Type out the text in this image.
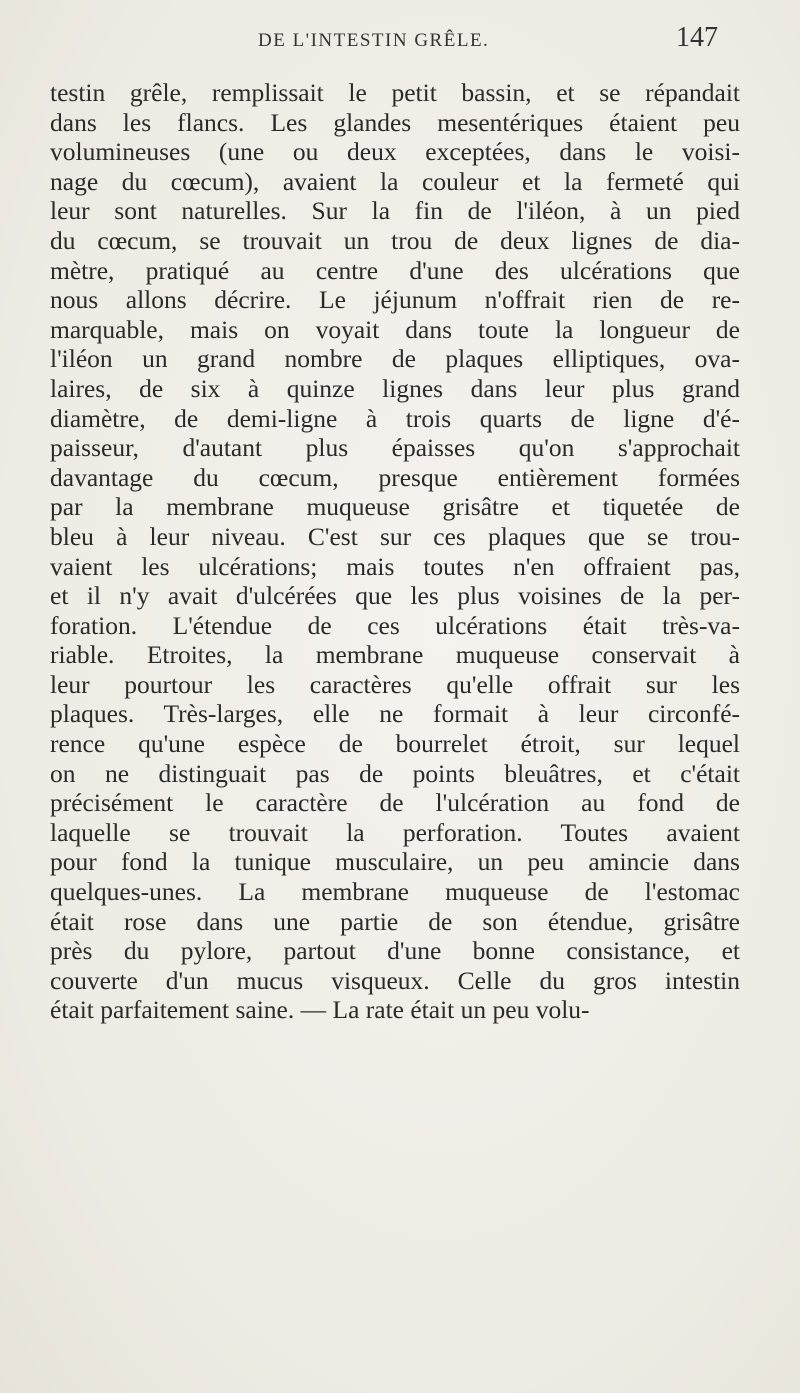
DE L'INTESTIN GRÊLE.	147
testin grêle, remplissait le petit bassin, et se répandait
dans les flancs. Les glandes mesentériques étaient peu
volumineuses (une ou deux exceptées, dans le voisi-
nage du cœcum), avaient la couleur et la fermeté qui
leur sont naturelles. Sur la fin de l'iléon, à un pied
du cœcum, se trouvait un trou de deux lignes de dia-
mètre, pratiqué au centre d'une des ulcérations que
nous allons décrire. Le jéjunum n'offrait rien de re-
marquable, mais on voyait dans toute la longueur de
l'iléon un grand nombre de plaques elliptiques, ova-
laires, de six à quinze lignes dans leur plus grand
diamètre, de demi-ligne à trois quarts de ligne d'é-
paisseur, d'autant plus épaisses qu'on s'approchait
davantage du cœcum, presque entièrement formées
par la membrane muqueuse grisâtre et tiquetée de
bleu à leur niveau. C'est sur ces plaques que se trou-
vaient les ulcérations; mais toutes n'en offraient pas,
et il n'y avait d'ulcérées que les plus voisines de la per-
foration. L'étendue de ces ulcérations était très-va-
riable. Etroites, la membrane muqueuse conservait à
leur pourtour les caractères qu'elle offrait sur les
plaques. Très-larges, elle ne formait à leur circonfé-
rence qu'une espèce de bourrelet étroit, sur lequel
on ne distinguait pas de points bleuâtres, et c'était
précisément le caractère de l'ulcération au fond de
laquelle se trouvait la perforation. Toutes avaient
pour fond la tunique musculaire, un peu amincie dans
quelques-unes. La membrane muqueuse de l'estomac
était rose dans une partie de son étendue, grisâtre
près du pylore, partout d'une bonne consistance, et
couverte d'un mucus visqueux. Celle du gros intestin
était parfaitement saine. — La rate était un peu volu-
